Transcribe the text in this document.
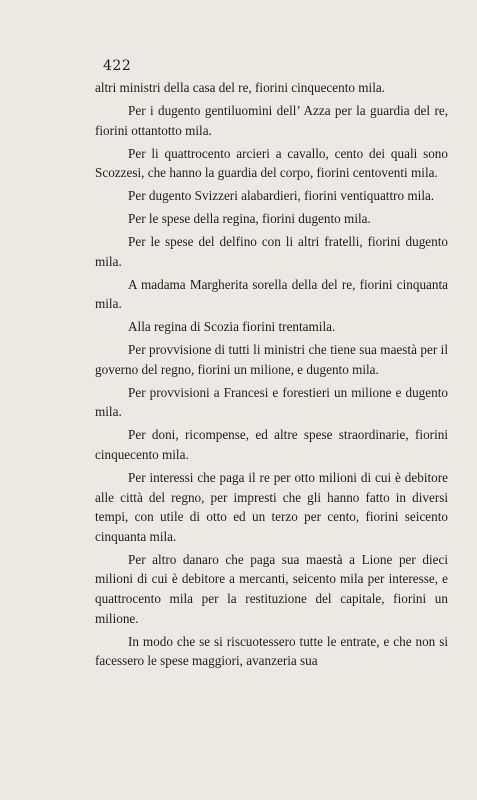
422

altri ministri della casa del re, fiorini cinquecento mila.

Per i dugento gentiluomini dell’ Azza per la guardia del re, fiorini ottantotto mila.

Per li quattrocento arcieri a cavallo, cento dei quali sono Scozzesi, che hanno la guardia del corpo, fiorini centoventi mila.

Per dugento Svizzeri alabardieri, fiorini ventiquattro mila.

Per le spese della regina, fiorini dugento mila.

Per le spese del delfino con li altri fratelli, fiorini dugento mila.

A madama Margherita sorella della del re, fiorini cinquanta mila.

Alla regina di Scozia fiorini trentamila.

Per provvisione di tutti li ministri che tiene sua maestà per il governo del regno, fiorini un milione, e dugento mila.

Per provvisioni a Francesi e forestieri un milione e dugento mila.

Per doni, ricompense, ed altre spese straordinarie, fiorini cinquecento mila.

Per interessi che paga il re per otto milioni di cui è debitore alle città del regno, per impresti che gli hanno fatto in diversi tempi, con utile di otto ed un terzo per cento, fiorini seicento cinquanta mila.

Per altro danaro che paga sua maestà a Lione per dieci milioni di cui è debitore a mercanti, seicento mila per interesse, e quattrocento mila per la restituzione del capitale, fiorini un milione.

In modo che se si riscuotessero tutte le entrate, e che non si facessero le spese maggiori, avanzeria sua
